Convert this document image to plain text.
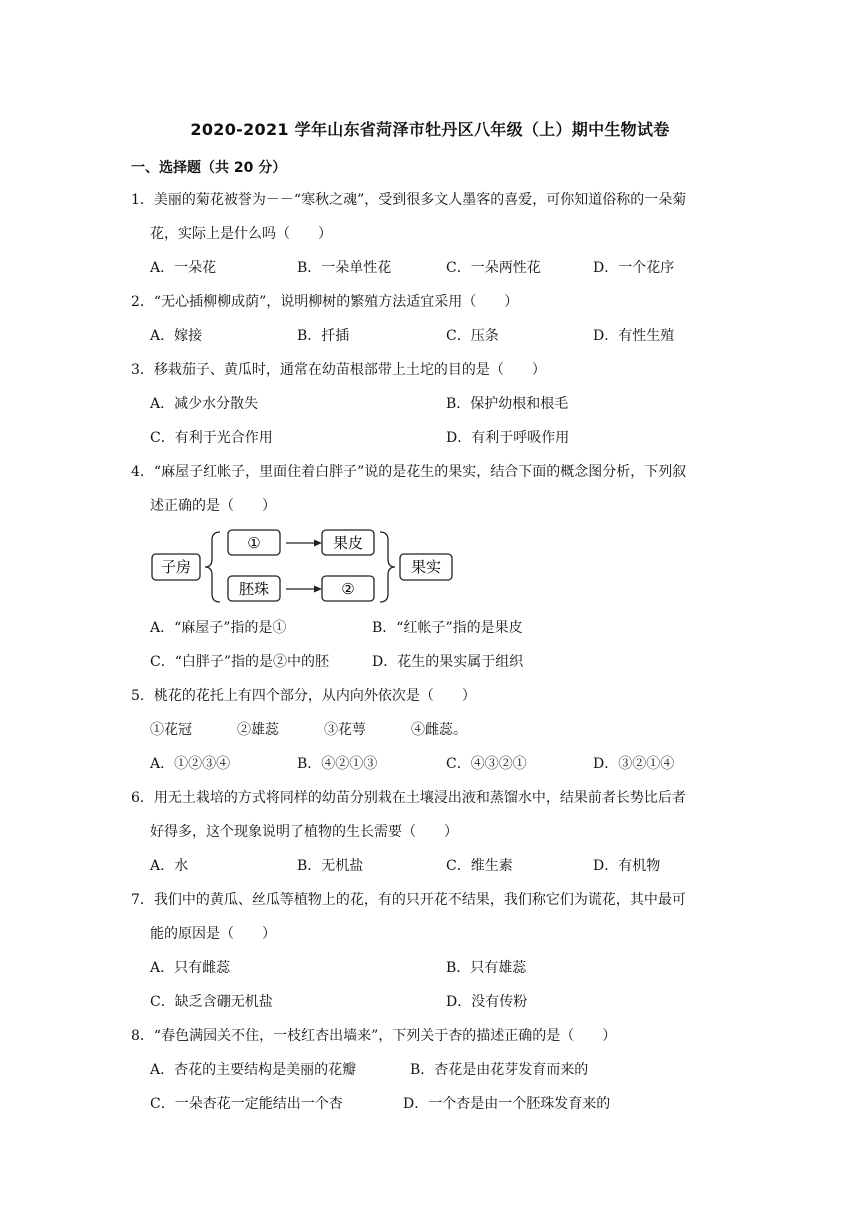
2020-2021 学年山东省菏泽市牡丹区八年级（上）期中生物试卷
一、选择题（共 20 分）
1．美丽的菊花被誉为－－“寒秋之魂”，受到很多文人墨客的喜爱，可你知道俗称的一朵菊
花，实际上是什么吗（　　）
A．一朵花	B．一朵单性花	C．一朵两性花	D．一个花序
2．“无心插柳柳成荫”，说明柳树的繁殖方法适宜采用（　　）
A．嫁接	B．扦插	C．压条	D．有性生殖
3．移栽茄子、黄瓜时，通常在幼苗根部带上土坨的目的是（　　）
A．减少水分散失	B．保护幼根和根毛
C．有利于光合作用	D．有利于呼吸作用
4．“麻屋子红帐子，里面住着白胖子”说的是花生的果实，结合下面的概念图分析，下列叙
述正确的是（　　）
子房
①	果皮
胚珠	②
果实
A．“麻屋子”指的是①	B．“红帐子”指的是果皮
C．“白胖子”指的是②中的胚	D．花生的果实属于组织
5．桃花的花托上有四个部分，从内向外依次是（　　）
①花冠	②雄蕊	③花萼	④雌蕊。
A．①②③④	B．④②①③	C．④③②①	D．③②①④
6．用无土栽培的方式将同样的幼苗分别栽在土壤浸出液和蒸馏水中，结果前者长势比后者
好得多，这个现象说明了植物的生长需要（　　）
A．水	B．无机盐	C．维生素	D．有机物
7．我们中的黄瓜、丝瓜等植物上的花，有的只开花不结果，我们称它们为谎花，其中最可
能的原因是（　　）
A．只有雌蕊	B．只有雄蕊
C．缺乏含硼无机盐	D．没有传粉
8．“春色满园关不住，一枝红杏出墙来”，下列关于杏的描述正确的是（　　）
A．杏花的主要结构是美丽的花瓣	B．杏花是由花芽发育而来的
C．一朵杏花一定能结出一个杏	D．一个杏是由一个胚珠发育来的
